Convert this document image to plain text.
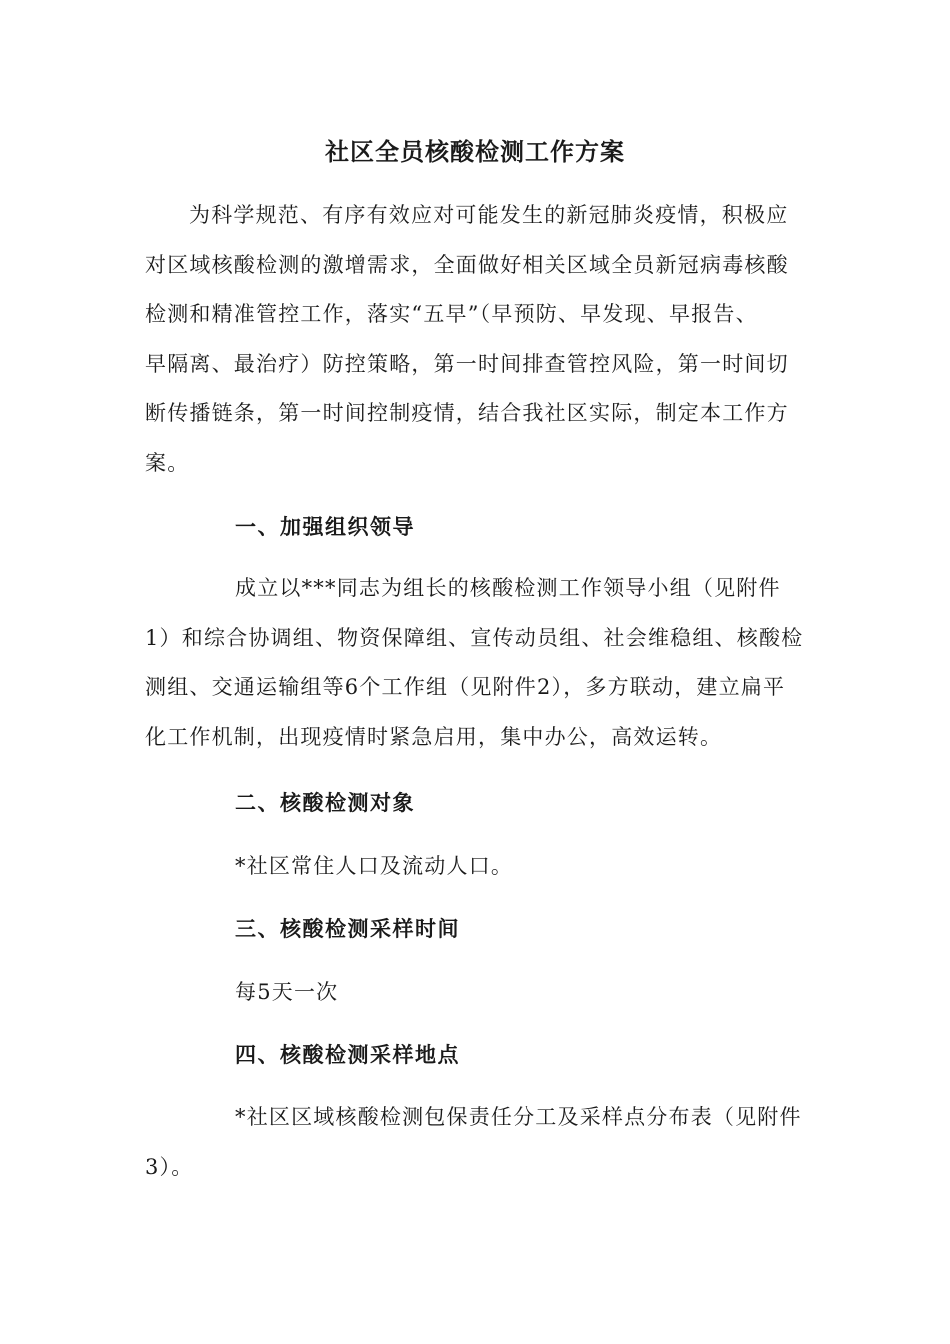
社区全员核酸检测工作方案
为科学规范、有序有效应对可能发生的新冠肺炎疫情，积极应
对区域核酸检测的激增需求，全面做好相关区域全员新冠病毒核酸
检测和精准管控工作，落实“五早”（早预防、早发现、早报告、
早隔离、最治疗）防控策略，第一时间排查管控风险，第一时间切
断传播链条，第一时间控制疫情，结合我社区实际，制定本工作方
案。
一、加强组织领导
成立以***同志为组长的核酸检测工作领导小组（见附件
1）和综合协调组、物资保障组、宣传动员组、社会维稳组、核酸检
测组、交通运输组等6个工作组（见附件2），多方联动，建立扁平
化工作机制，出现疫情时紧急启用，集中办公，高效运转。
二、核酸检测对象
*社区常住人口及流动人口。
三、核酸检测采样时间
每5天一次
四、核酸检测采样地点
*社区区域核酸检测包保责任分工及采样点分布表（见附件
3）。
